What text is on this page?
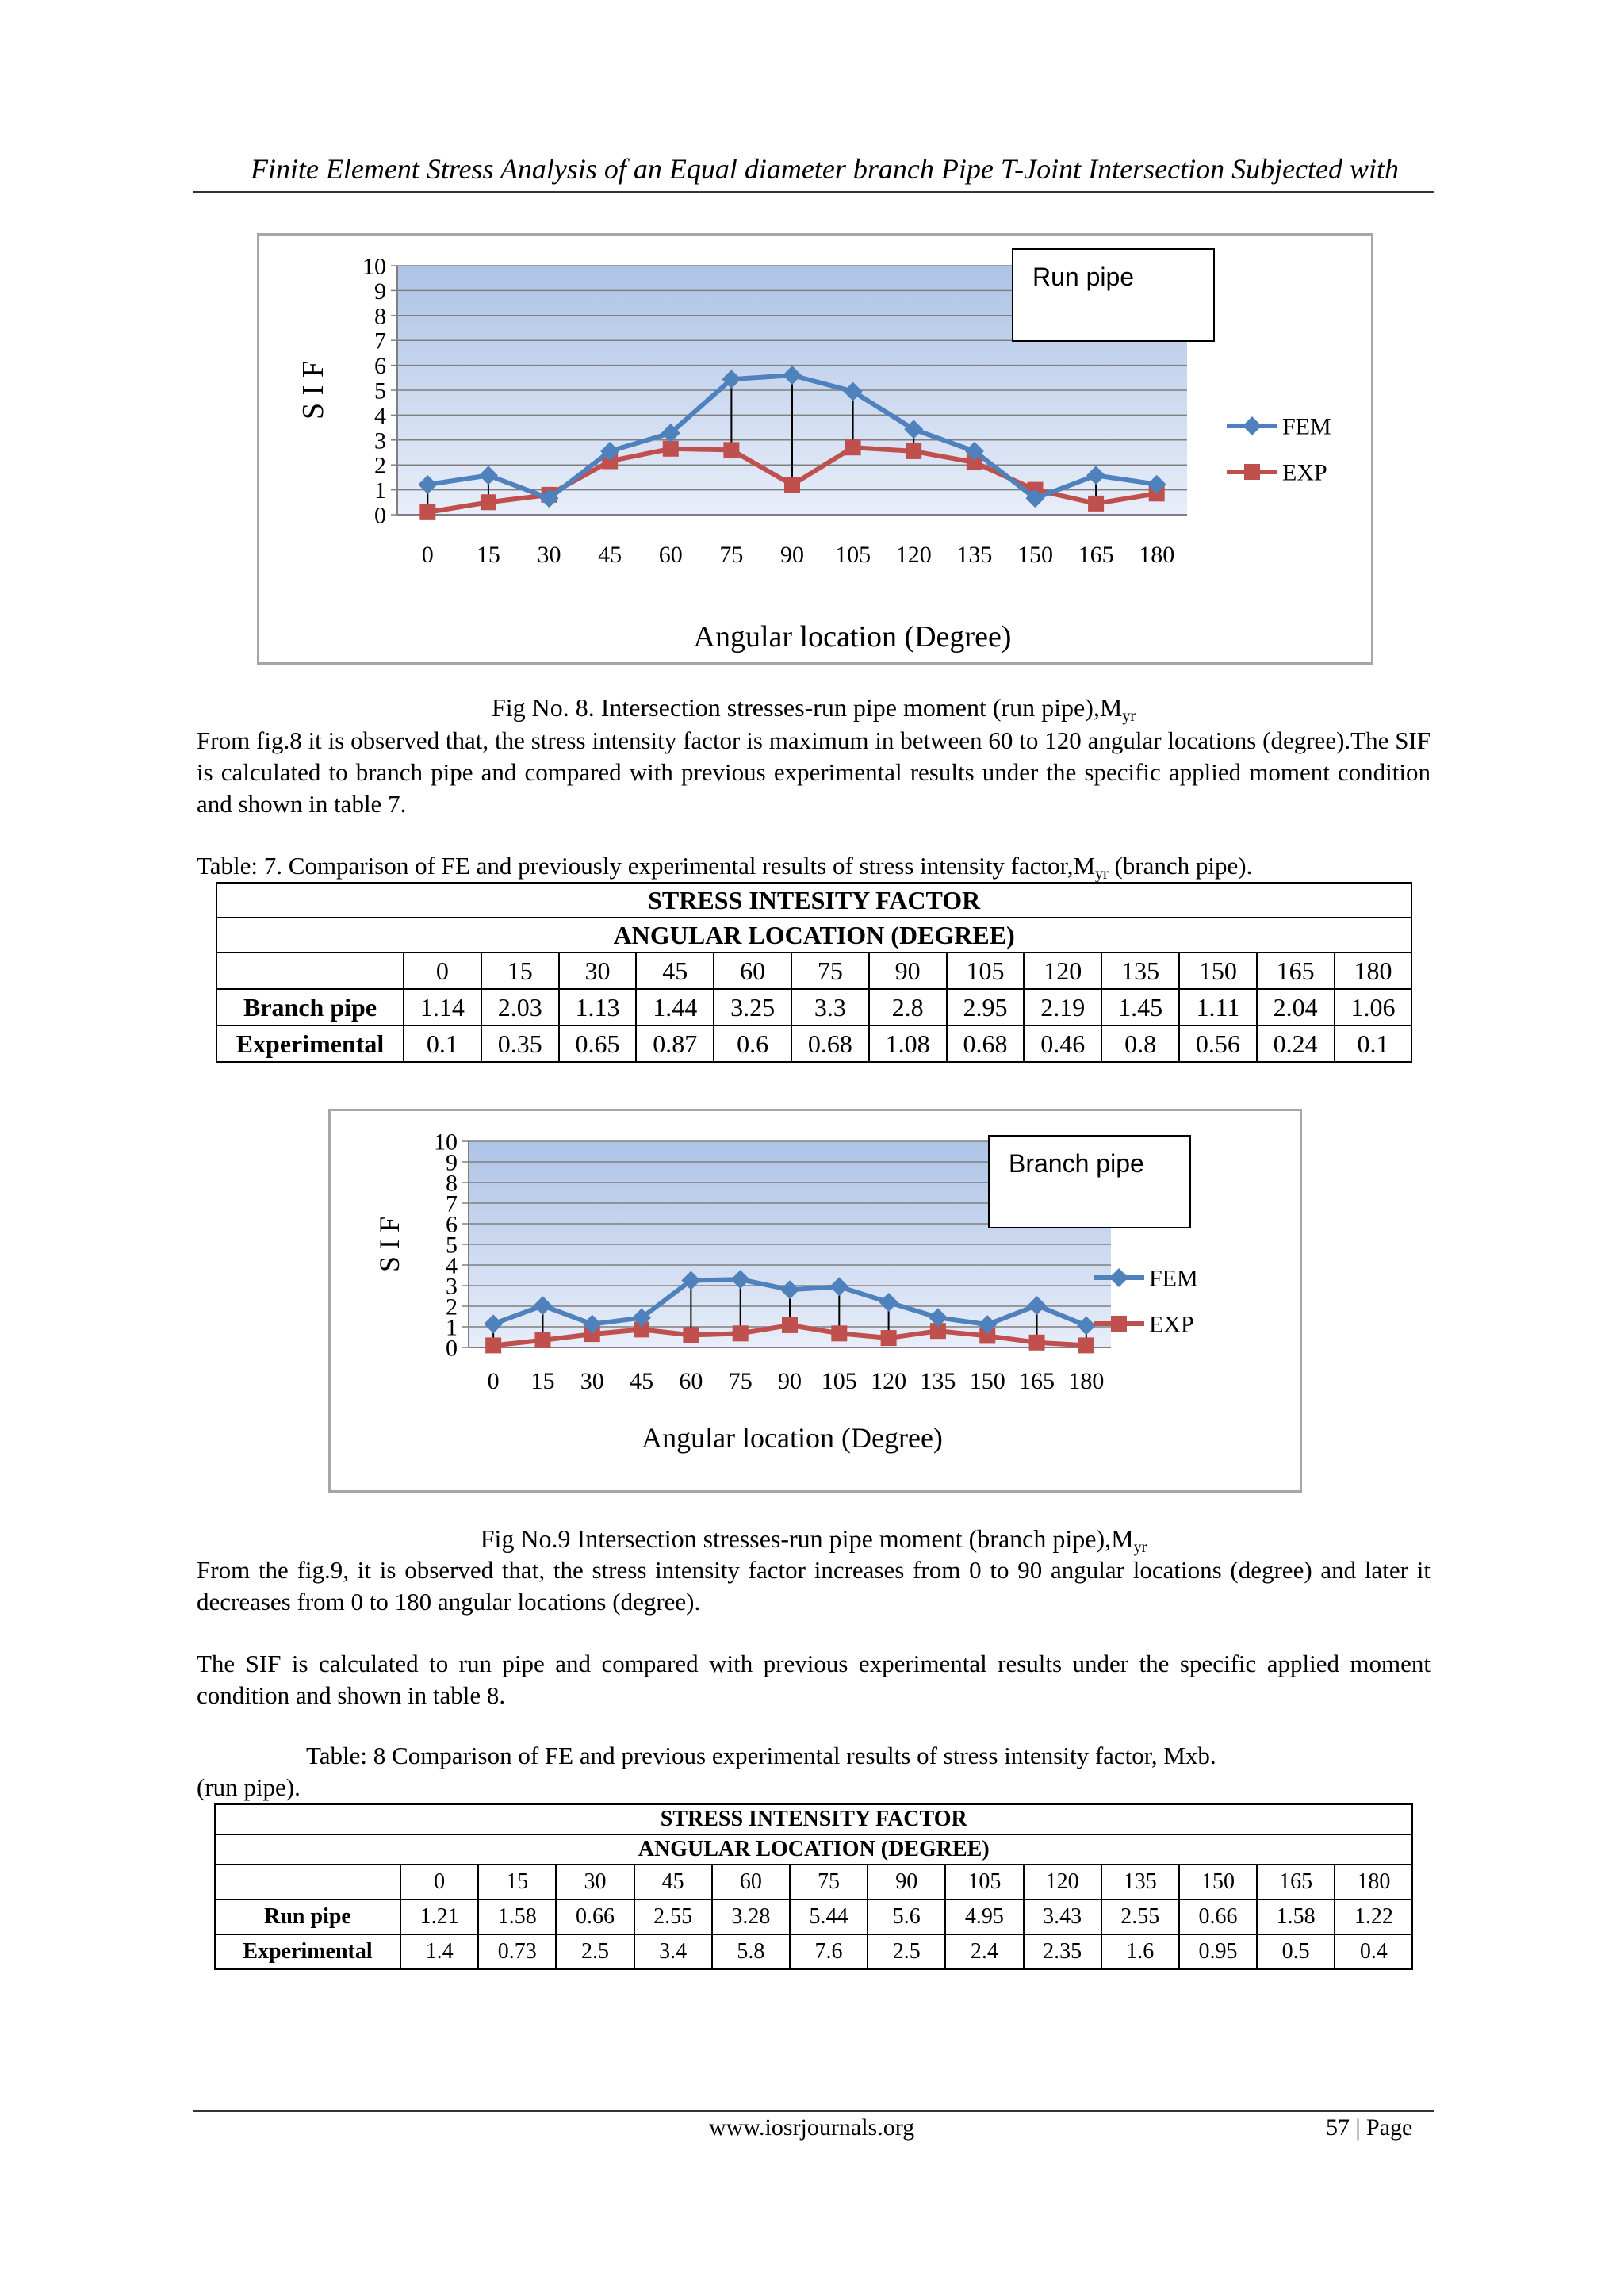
Finite Element Stress Analysis of an Equal diameter branch Pipe T-Joint Intersection Subjected with
0
1
2
3
4
5
6
7
8
9
10
0 15 30 45 60 75 90 105 120 135 150 165 180
FEM
EXP
Angular location (Degree)
S I F
Run pipe
Fig No. 8. Intersection stresses-run pipe moment (run $pipe),M_{yr}$
From fig.8 it is observed that, the stress intensity factor is maximum in between 60 to 120 angular locations (degree).The SIF is calculated to branch pipe and compared with previous experimental results under the specific applied moment condition and shown in table 7.
Table: 7. Comparison of FE and previously experimental results of stress intensity $factor,M_{yr}$ (branch pipe).
STRESS INTESITY FACTOR													
ANGULAR LOCATION (DEGREE)													
	0	15	30	45	60	75	90	105	120	135	150	165	180
Branch pipe	1.14	2.03	1.13	1.44	3.25	3.3	2.8	2.95	2.19	1.45	1.11	2.04	1.06
Experimental	0.1	0.35	0.65	0.87	0.6	0.68	1.08	0.68	0.46	0.8	0.56	0.24	0.1
0
1
2
3
4
5
6
7
8
9
10
0 15 30 45 60 75 90 105 120 135 150 165 180
FEM
EXP
Angular location (Degree)
S I F
Branch pipe
Fig No.9 Intersection stresses-run pipe moment (branch $pipe),M_{yr}$
From the fig.9, it is observed that, the stress intensity factor increases from 0 to 90 angular locations (degree) and later it decreases from 0 to 180 angular locations (degree).
The SIF is calculated to run pipe and compared with previous experimental results under the specific applied moment condition and shown in table 8.
Table: 8 Comparison of FE and previous experimental results of stress intensity factor, Mxb.
(run pipe).
STRESS INTENSITY FACTOR													
ANGULAR LOCATION (DEGREE)													
	0	15	30	45	60	75	90	105	120	135	150	165	180
Run pipe	1.21	1.58	0.66	2.55	3.28	5.44	5.6	4.95	3.43	2.55	0.66	1.58	1.22
Experimental	1.4	0.73	2.5	3.4	5.8	7.6	2.5	2.4	2.35	1.6	0.95	0.5	0.4
www.iosrjournals.org	57 | Page
